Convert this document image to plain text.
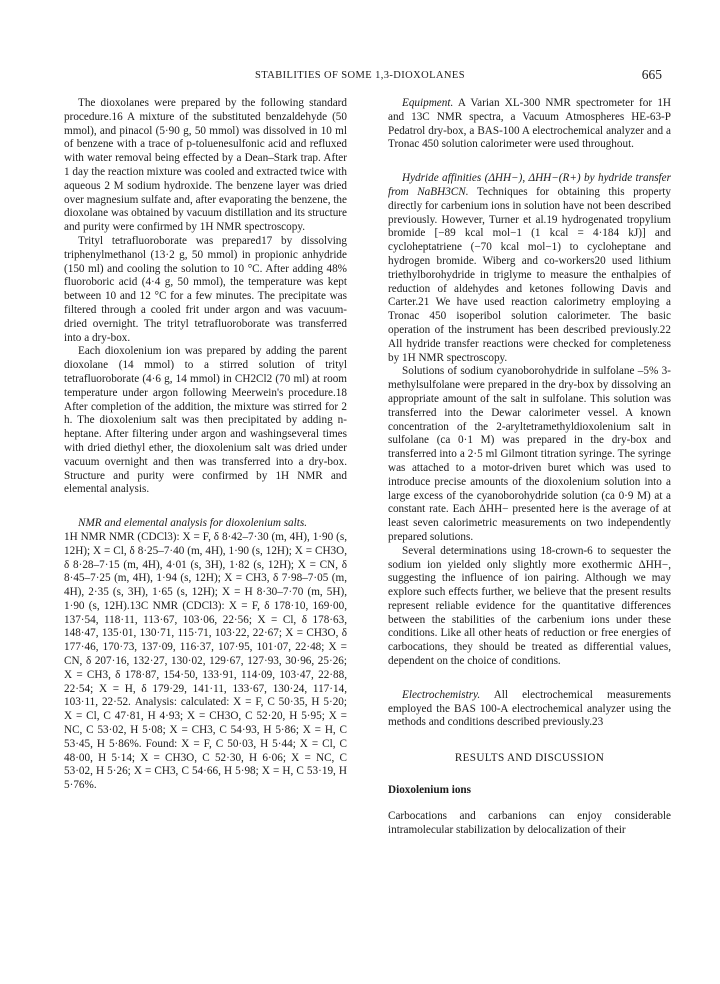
STABILITIES OF SOME 1,3-DIOXOLANES	665

The dioxolanes were prepared by the following standard procedure.16 A mixture of the substituted benzaldehyde (50 mmol), and pinacol (5·90 g, 50 mmol) was dissolved in 10 ml of benzene with a trace of p-toluenesulfonic acid and refluxed with water removal being effected by a Dean–Stark trap. After 1 day the reaction mixture was cooled and extracted twice with aqueous 2 M sodium hydroxide. The benzene layer was dried over magnesium sulfate and, after evaporating the benzene, the dioxolane was obtained by vacuum distillation and its structure and purity were confirmed by 1H NMR spectroscopy.

Trityl tetrafluoroborate was prepared17 by dissolving triphenylmethanol (13·2 g, 50 mmol) in propionic anhydride (150 ml) and cooling the solution to 10 °C. After adding 48% fluoroboric acid (4·4 g, 50 mmol), the temperature was kept between 10 and 12 °C for a few minutes. The precipitate was filtered through a cooled frit under argon and was vacuum-dried overnight. The trityl tetrafluoroborate was transferred into a dry-box.

Each dioxolenium ion was prepared by adding the parent dioxolane (14 mmol) to a stirred solution of trityl tetrafluoroborate (4·6 g, 14 mmol) in CH2Cl2 (70 ml) at room temperature under argon following Meerwein's procedure.18 After completion of the addition, the mixture was stirred for 2 h. The dioxolenium salt was then precipitated by adding n-heptane. After filtering under argon and washingseveral times with dried diethyl ether, the dioxolenium salt was dried under vacuum overnight and then was transferred into a dry-box. Structure and purity were confirmed by 1H NMR and elemental analysis.

NMR and elemental analysis for dioxolenium salts.
1H NMR NMR (CDCl3): X = F, δ 8·42–7·30 (m, 4H), 1·90 (s, 12H); X = Cl, δ 8·25–7·40 (m, 4H), 1·90 (s, 12H); X = CH3O, δ 8·28–7·15 (m, 4H), 4·01 (s, 3H), 1·82 (s, 12H); X = CN, δ 8·45–7·25 (m, 4H), 1·94 (s, 12H); X = CH3, δ 7·98–7·05 (m, 4H), 2·35 (s, 3H), 1·65 (s, 12H); X = H 8·30–7·70 (m, 5H), 1·90 (s, 12H).13C NMR (CDCl3): X = F, δ 178·10, 169·00, 137·54, 118·11, 113·67, 103·06, 22·56; X = Cl, δ 178·63, 148·47, 135·01, 130·71, 115·71, 103·22, 22·67; X = CH3O, δ 177·46, 170·73, 137·09, 116·37, 107·95, 101·07, 22·48; X = CN, δ 207·16, 132·27, 130·02, 129·67, 127·93, 30·96, 25·26; X = CH3, δ 178·87, 154·50, 133·91, 114·09, 103·47, 22·88, 22·54; X = H, δ 179·29, 141·11, 133·67, 130·24, 117·14, 103·11, 22·52. Analysis: calculated: X = F, C 50·35, H 5·20; X = Cl, C 47·81, H 4·93; X = CH3O, C 52·20, H 5·95; X = NC, C 53·02, H 5·08; X = CH3, C 54·93, H 5·86; X = H, C 53·45, H 5·86%. Found: X = F, C 50·03, H 5·44; X = Cl, C 48·00, H 5·14; X = CH3O, C 52·30, H 6·06; X = NC, C 53·02, H 5·26; X = CH3, C 54·66, H 5·98; X = H, C 53·19, H 5·76%.

Equipment. A Varian XL-300 NMR spectrometer for 1H and 13C NMR spectra, a Vacuum Atmospheres HE-63-P Pedatrol dry-box, a BAS-100 A electrochemical analyzer and a Tronac 450 solution calorimeter were used throughout.

Hydride affinities (ΔHH−), ΔHH−(R+) by hydride transfer from NaBH3CN. Techniques for obtaining this property directly for carbenium ions in solution have not been described previously. However, Turner et al.19 hydrogenated tropylium bromide [−89 kcal mol−1 (1 kcal = 4·184 kJ)] and cycloheptatriene (−70 kcal mol−1) to cycloheptane and hydrogen bromide. Wiberg and co-workers20 used lithium triethylborohydride in triglyme to measure the enthalpies of reduction of aldehydes and ketones following Davis and Carter.21 We have used reaction calorimetry employing a Tronac 450 isoperibol solution calorimeter. The basic operation of the instrument has been described previously.22 All hydride transfer reactions were checked for completeness by 1H NMR spectroscopy.

Solutions of sodium cyanoborohydride in sulfolane –5% 3-methylsulfolane were prepared in the dry-box by dissolving an appropriate amount of the salt in sulfolane. This solution was transferred into the Dewar calorimeter vessel. A known concentration of the 2-aryltetramethyldioxolenium salt in sulfolane (ca 0·1 M) was prepared in the dry-box and transferred into a 2·5 ml Gilmont titration syringe. The syringe was attached to a motor-driven buret which was used to introduce precise amounts of the dioxolenium solution into a large excess of the cyanoborohydride solution (ca 0·9 M) at a constant rate. Each ΔHH− presented here is the average of at least seven calorimetric measurements on two independently prepared solutions.

Several determinations using 18-crown-6 to sequester the sodium ion yielded only slightly more exothermic ΔHH−, suggesting the influence of ion pairing. Although we may explore such effects further, we believe that the present results represent reliable evidence for the quantitative differences between the stabilities of the carbenium ions under these conditions. Like all other heats of reduction or free energies of carbocations, they should be treated as differential values, dependent on the choice of conditions.

Electrochemistry. All electrochemical measurements employed the BAS 100-A electrochemical analyzer using the methods and conditions described previously.23

RESULTS AND DISCUSSION
Dioxolenium ions

Carbocations and carbanions can enjoy considerable intramolecular stabilization by delocalization of their
